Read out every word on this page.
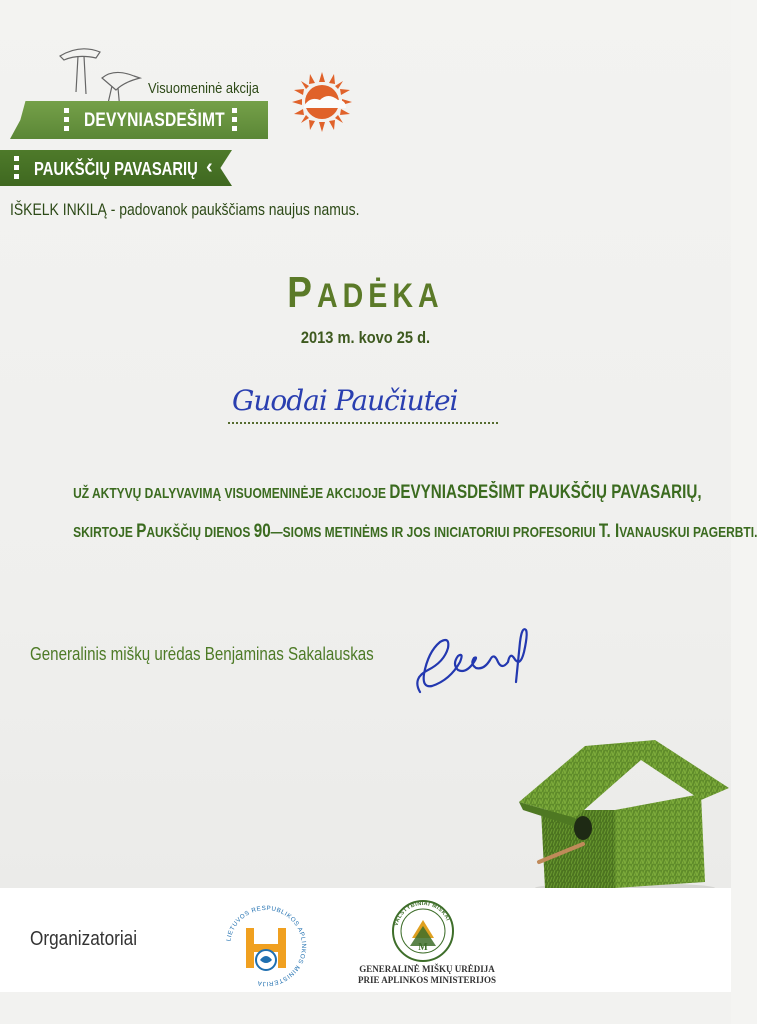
Visuomeninė akcija
DEVYNIASDEŠIMT
PAUKŠČIŲ PAVASARIŲ ‹
IŠKELK INKILĄ - padovanok paukščiams naujus namus.
PADĖKA
2013 m. kovo 25 d.
Guodai Paučiutei
UŽ AKTYVŲ DALYVAVIMĄ VISUOMENINĖJE AKCIJOJE DEVYNIASDEŠIMT PAUKŠČIŲ PAVASARIŲ,
SKIRTOJE PAUKŠČIŲ DIENOS 90—SIOMS METINĖMS IR JOS INICIATORIUI PROFESORIUI T. IVANAUSKUI PAGERBTI.
Generalinis miškų urėdas Benjaminas Sakalauskas
Organizatoriai	LIETUVOS RESPUBLIKOS APLINKOS MINISTERIJA
VALSTYBINIAI MIŠKAI
M
GENERALINĖ MIŠKŲ URĖDIJA
PRIE APLINKOS MINISTERIJOS
